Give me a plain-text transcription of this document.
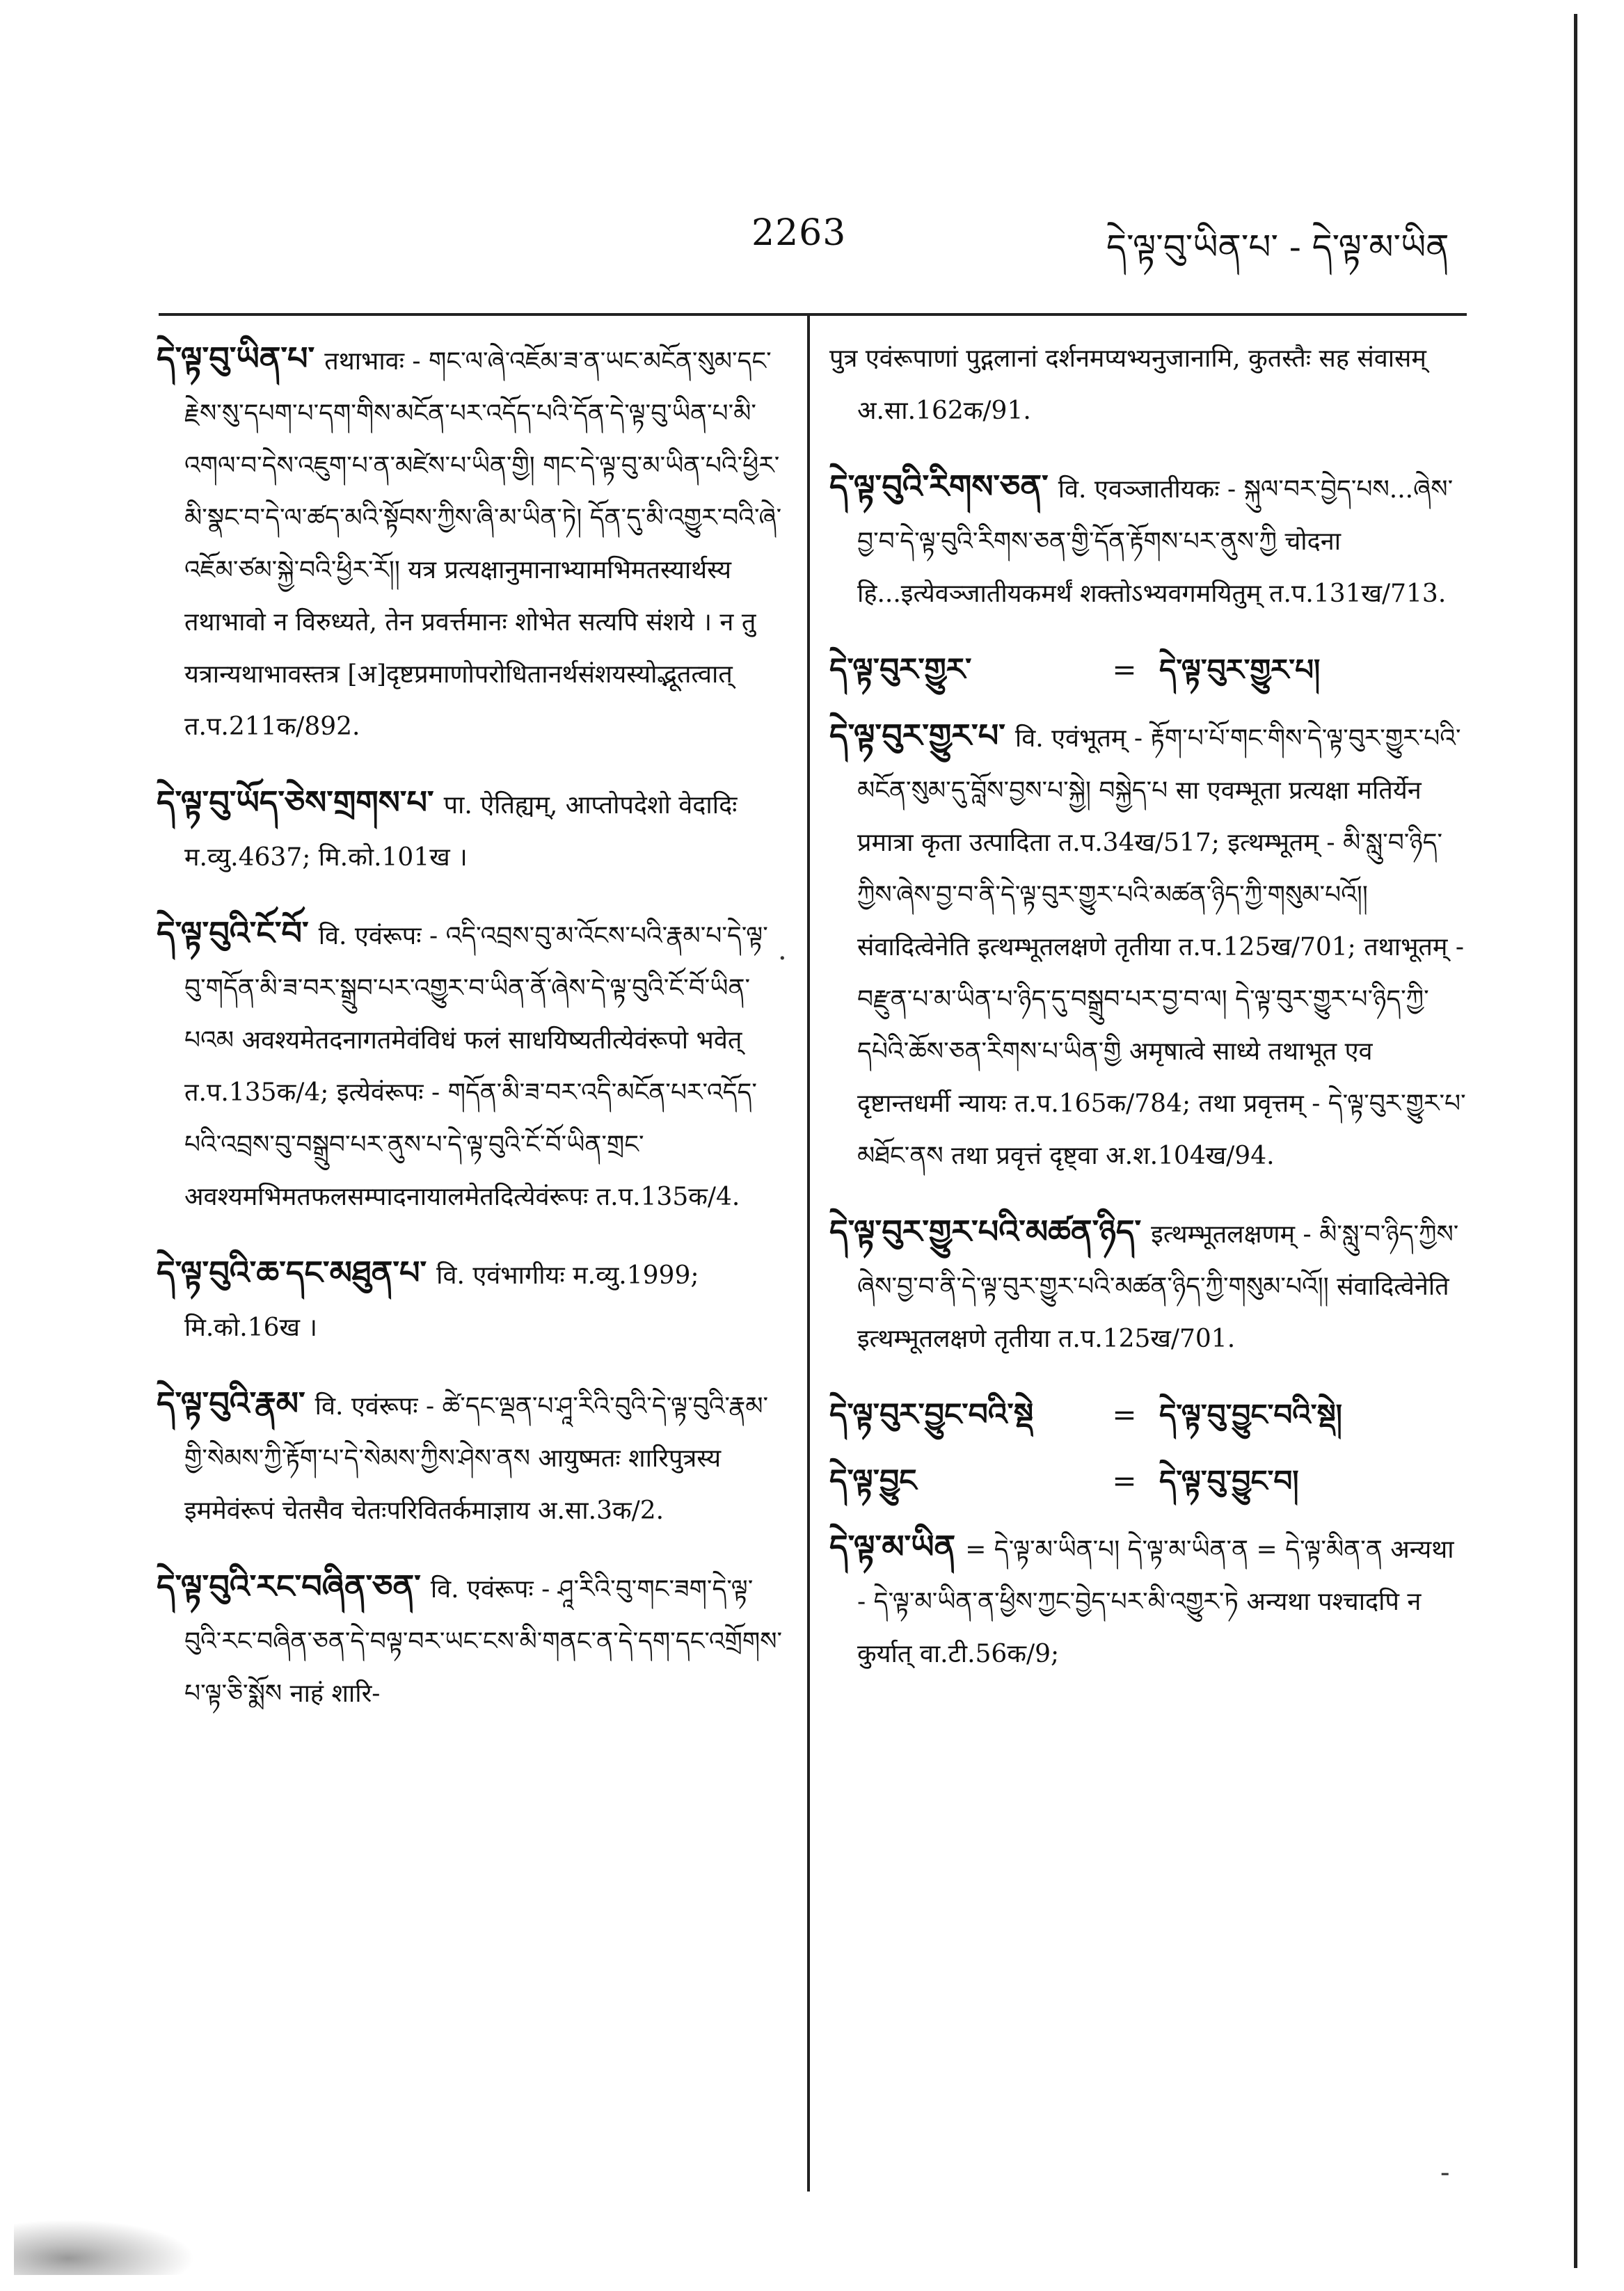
2263	དེ་ལྟ་བུ་ཡིན་པ་ - དེ་ལྟ་མ་ཡིན
དེ་ལྟ་བུ་ཡིན་པ་ तथाभावः - གང་ལ་ཞེ་འཇོམ་ཟ་ན་ཡང་མངོན་སུམ་དང་རྗེས་སུ་དཔག་པ་དག་གིས་མངོན་པར་འདོད་པའི་དོན་དེ་ལྟ་བུ་ཡིན་པ་མི་འགལ་བ་དེས་འཇུག་པ་ན་མཛེས་པ་ཡིན་གྱི། གང་དེ་ལྟ་བུ་མ་ཡིན་པའི་ཕྱིར་མི་སྣང་བ་དེ་ལ་ཚད་མའི་སྟོབས་ཀྱིས་ཞི་མ་ཡིན་ཏེ། དོན་དུ་མི་འགྱུར་བའི་ཞེ་འཇོམ་ཙམ་སྐྱེ་བའི་ཕྱིར་རོ།། यत्र प्रत्यक्षानुमानाभ्यामभिमतस्यार्थस्य तथाभावो न विरुध्यते, तेन प्रवर्त्तमानः शोभेत सत्यपि संशये । न तु यत्रान्यथाभावस्तत्र [अ]दृष्टप्रमाणोपरोधितानर्थसंशयस्योद्भूतत्वात् त.प.211क/892.
དེ་ལྟ་བུ་ཡོད་ཅེས་གྲགས་པ་ पा. ऐतिह्यम्, आप्तोपदेशो वेदादिः म.व्यु.4637; मि.को.101ख ।
དེ་ལྟ་བུའི་ངོ་བོ་ वि. एवंरूपः - འདི་འབྲས་བུ་མ་འོངས་པའི་རྣམ་པ་དེ་ལྟ་བུ་གདོན་མི་ཟ་བར་སྒྲུབ་པར་འགྱུར་བ་ཡིན་ནོ་ཞེས་དེ་ལྟ་བུའི་ངོ་བོ་ཡིན་པའམ अवश्यमेतदनागतमेवंविधं फलं साधयिष्यतीत्येवंरूपो भवेत् त.प.135क/4; इत्येवंरूपः - གདོན་མི་ཟ་བར་འདི་མངོན་པར་འདོད་པའི་འབྲས་བུ་བསྒྲུབ་པར་ནུས་པ་དེ་ལྟ་བུའི་ངོ་བོ་ཡིན་གྲང་ अवश्यमभिमतफलसम्पादनायालमेतदित्येवंरूपः त.प.135क/4.
དེ་ལྟ་བུའི་ཆ་དང་མཐུན་པ་ वि. एवंभागीयः म.व्यु.1999; मि.को.16ख ।
དེ་ལྟ་བུའི་རྣམ་ वि. एवंरूपः - ཚེ་དང་ལྡན་པ་ཤཱ་རིའི་བུའི་དེ་ལྟ་བུའི་རྣམ་གྱི་སེམས་ཀྱི་རྟོག་པ་དེ་སེམས་ཀྱིས་ཤེས་ནས आयुष्मतः शारिपुत्रस्य इममेवंरूपं चेतसैव चेतःपरिवितर्कमाज्ञाय अ.सा.3क/2.
དེ་ལྟ་བུའི་རང་བཞིན་ཅན་ वि. एवंरूपः - ཤཱ་རིའི་བུ་གང་ཟག་དེ་ལྟ་བུའི་རང་བཞིན་ཅན་དེ་བལྟ་བར་ཡང་ངས་མི་གནང་ན་དེ་དག་དང་འགྲོགས་པ་ལྟ་ཅི་སྨོས नाहं शारि-
पुत्र एवंरूपाणां पुद्गलानां दर्शनमप्यभ्यनुजानामि, कुतस्तैः सह संवासम् अ.सा.162क/91.
དེ་ལྟ་བུའི་རིགས་ཅན་ वि. एवञ्जातीयकः - སྐུལ་བར་བྱེད་པས...ཞེས་བྱ་བ་དེ་ལྟ་བུའི་རིགས་ཅན་གྱི་དོན་རྟོགས་པར་ནུས་ཀྱི चोदना हि...इत्येवञ्जातीयकमर्थं शक्तोऽभ्यवगमयितुम् त.प.131ख/713.
དེ་ལྟ་བུར་གྱུར་	= དེ་ལྟ་བུར་གྱུར་པ།
དེ་ལྟ་བུར་གྱུར་པ་ वि. एवंभूतम् - རྟོག་པ་པོ་གང་གིས་དེ་ལྟ་བུར་གྱུར་པའི་མངོན་སུམ་དུ་བློས་བྱས་པ་སྐྱེ། བསྐྱེད་པ सा एवम्भूता प्रत्यक्षा मतिर्येन प्रमात्रा कृता उत्पादिता त.प.34ख/517; इत्थम्भूतम् - མི་སླུ་བ་ཉིད་ཀྱིས་ཞེས་བྱ་བ་ནི་དེ་ལྟ་བུར་གྱུར་པའི་མཚན་ཉིད་ཀྱི་གསུམ་པའོ།། संवादित्वेनेति इत्थम्भूतलक्षणे तृतीया त.प.125ख/701; तथाभूतम् - བརྫུན་པ་མ་ཡིན་པ་ཉིད་དུ་བསྒྲུབ་པར་བྱ་བ་ལ། དེ་ལྟ་བུར་གྱུར་པ་ཉིད་ཀྱི་དཔེའི་ཆོས་ཅན་རིགས་པ་ཡིན་གྱི अमृषात्वे साध्ये तथाभूत एव दृष्टान्तधर्मी न्यायः त.प.165क/784; तथा प्रवृत्तम् - དེ་ལྟ་བུར་གྱུར་པ་མཐོང་ནས तथा प्रवृत्तं दृष्ट्वा अ.श.104ख/94.
དེ་ལྟ་བུར་གྱུར་པའི་མཚན་ཉིད་ इत्थम्भूतलक्षणम् - མི་སླུ་བ་ཉིད་ཀྱིས་ཞེས་བྱ་བ་ནི་དེ་ལྟ་བུར་གྱུར་པའི་མཚན་ཉིད་ཀྱི་གསུམ་པའོ།། संवादित्वेनेति इत्थम्भूतलक्षणे तृतीया त.प.125ख/701.
དེ་ལྟ་བུར་བྱུང་བའི་སྡེ	= དེ་ལྟ་བུ་བྱུང་བའི་སྡེ།
དེ་ལྟ་བྱུང	= དེ་ལྟ་བུ་བྱུང་བ།
དེ་ལྟ་མ་ཡིན = དེ་ལྟ་མ་ཡིན་པ། དེ་ལྟ་མ་ཡིན་ན = དེ་ལྟ་མིན་ན अन्यथा - དེ་ལྟ་མ་ཡིན་ན་ཕྱིས་ཀྱང་བྱེད་པར་མི་འགྱུར་ཏེ अन्यथा पश्चादपि न कुर्यात् वा.टी.56क/9;
·
-
